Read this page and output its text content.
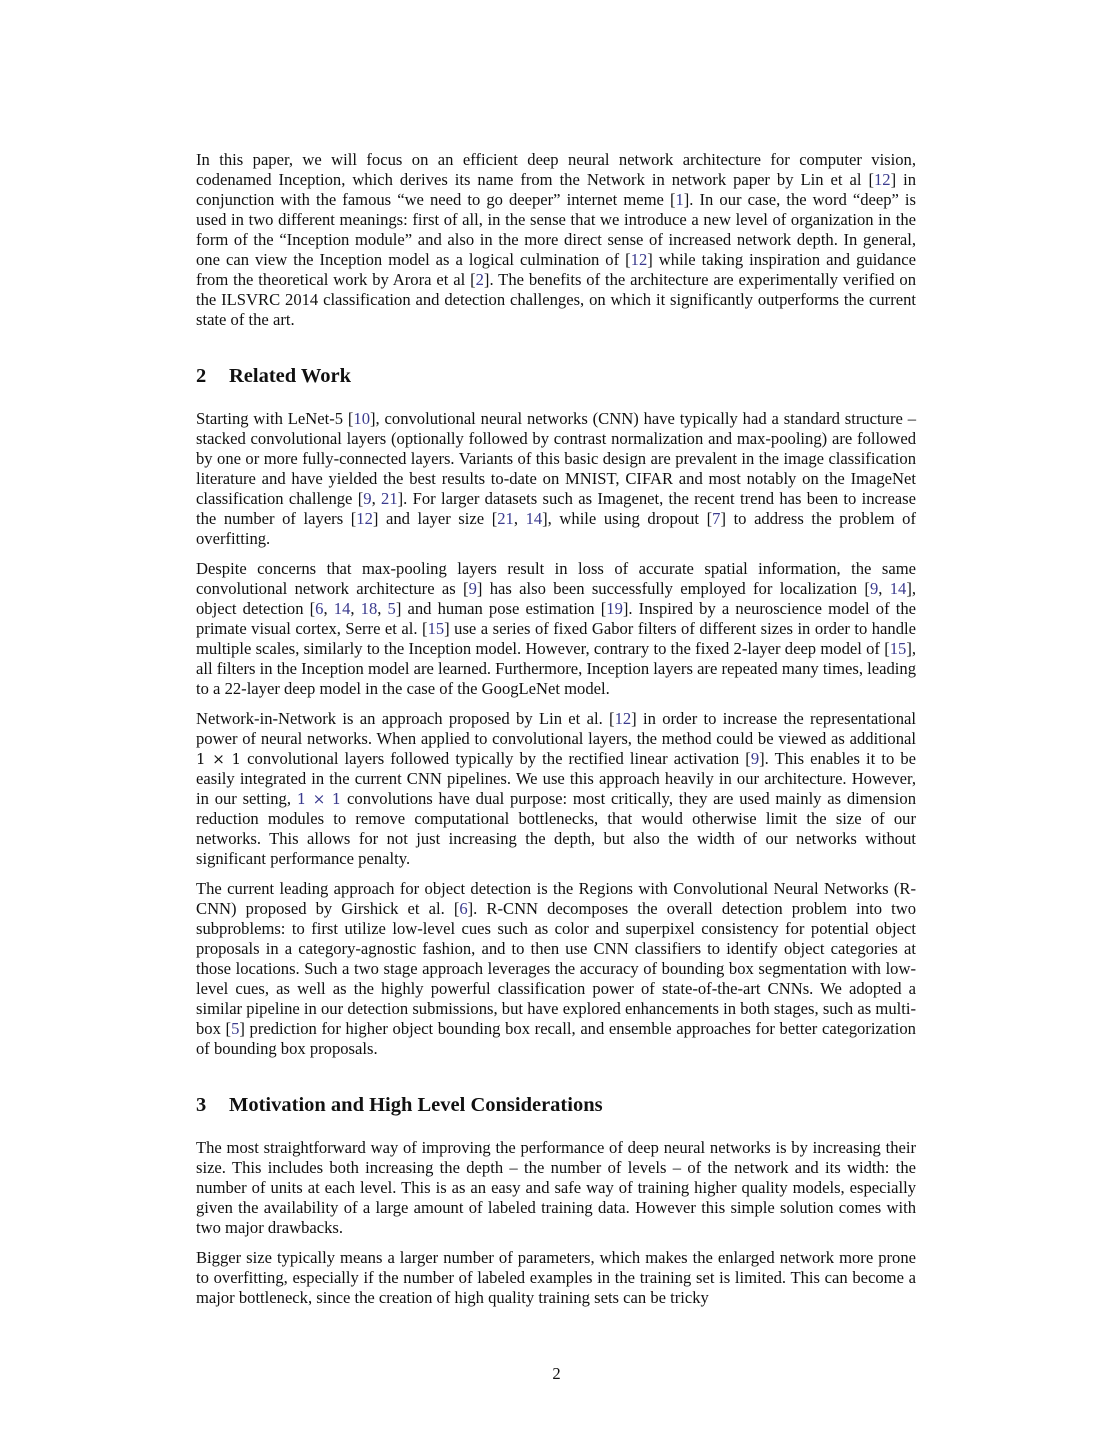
In this paper, we will focus on an efficient deep neural network architecture for computer vision, codenamed Inception, which derives its name from the Network in network paper by Lin et al [12] in conjunction with the famous “we need to go deeper” internet meme [1]. In our case, the word “deep” is used in two different meanings: first of all, in the sense that we introduce a new level of organization in the form of the “Inception module” and also in the more direct sense of increased network depth. In general, one can view the Inception model as a logical culmination of [12] while taking inspiration and guidance from the theoretical work by Arora et al [2]. The benefits of the architecture are experimentally verified on the ILSVRC 2014 classification and detection challenges, on which it significantly outperforms the current state of the art.

2	Related Work

Starting with LeNet-5 [10], convolutional neural networks (CNN) have typically had a standard structure – stacked convolutional layers (optionally followed by contrast normalization and max-pooling) are followed by one or more fully-connected layers. Variants of this basic design are prevalent in the image classification literature and have yielded the best results to-date on MNIST, CIFAR and most notably on the ImageNet classification challenge [9, 21]. For larger datasets such as Imagenet, the recent trend has been to increase the number of layers [12] and layer size [21, 14], while using dropout [7] to address the problem of overfitting.

Despite concerns that max-pooling layers result in loss of accurate spatial information, the same convolutional network architecture as [9] has also been successfully employed for localization [9, 14], object detection [6, 14, 18, 5] and human pose estimation [19]. Inspired by a neuroscience model of the primate visual cortex, Serre et al. [15] use a series of fixed Gabor filters of different sizes in order to handle multiple scales, similarly to the Inception model. However, contrary to the fixed 2-layer deep model of [15], all filters in the Inception model are learned. Furthermore, Inception layers are repeated many times, leading to a 22-layer deep model in the case of the GoogLeNet model.

Network-in-Network is an approach proposed by Lin et al. [12] in order to increase the representational power of neural networks. When applied to convolutional layers, the method could be viewed as additional 1 × 1 convolutional layers followed typically by the rectified linear activation [9]. This enables it to be easily integrated in the current CNN pipelines. We use this approach heavily in our architecture. However, in our setting, 1 × 1 convolutions have dual purpose: most critically, they are used mainly as dimension reduction modules to remove computational bottlenecks, that would otherwise limit the size of our networks. This allows for not just increasing the depth, but also the width of our networks without significant performance penalty.

The current leading approach for object detection is the Regions with Convolutional Neural Networks (R-CNN) proposed by Girshick et al. [6]. R-CNN decomposes the overall detection problem into two subproblems: to first utilize low-level cues such as color and superpixel consistency for potential object proposals in a category-agnostic fashion, and to then use CNN classifiers to identify object categories at those locations. Such a two stage approach leverages the accuracy of bounding box segmentation with low-level cues, as well as the highly powerful classification power of state-of-the-art CNNs. We adopted a similar pipeline in our detection submissions, but have explored enhancements in both stages, such as multi-box [5] prediction for higher object bounding box recall, and ensemble approaches for better categorization of bounding box proposals.

3	Motivation and High Level Considerations

The most straightforward way of improving the performance of deep neural networks is by increasing their size. This includes both increasing the depth – the number of levels – of the network and its width: the number of units at each level. This is as an easy and safe way of training higher quality models, especially given the availability of a large amount of labeled training data. However this simple solution comes with two major drawbacks.

Bigger size typically means a larger number of parameters, which makes the enlarged network more prone to overfitting, especially if the number of labeled examples in the training set is limited. This can become a major bottleneck, since the creation of high quality training sets can be tricky

2
